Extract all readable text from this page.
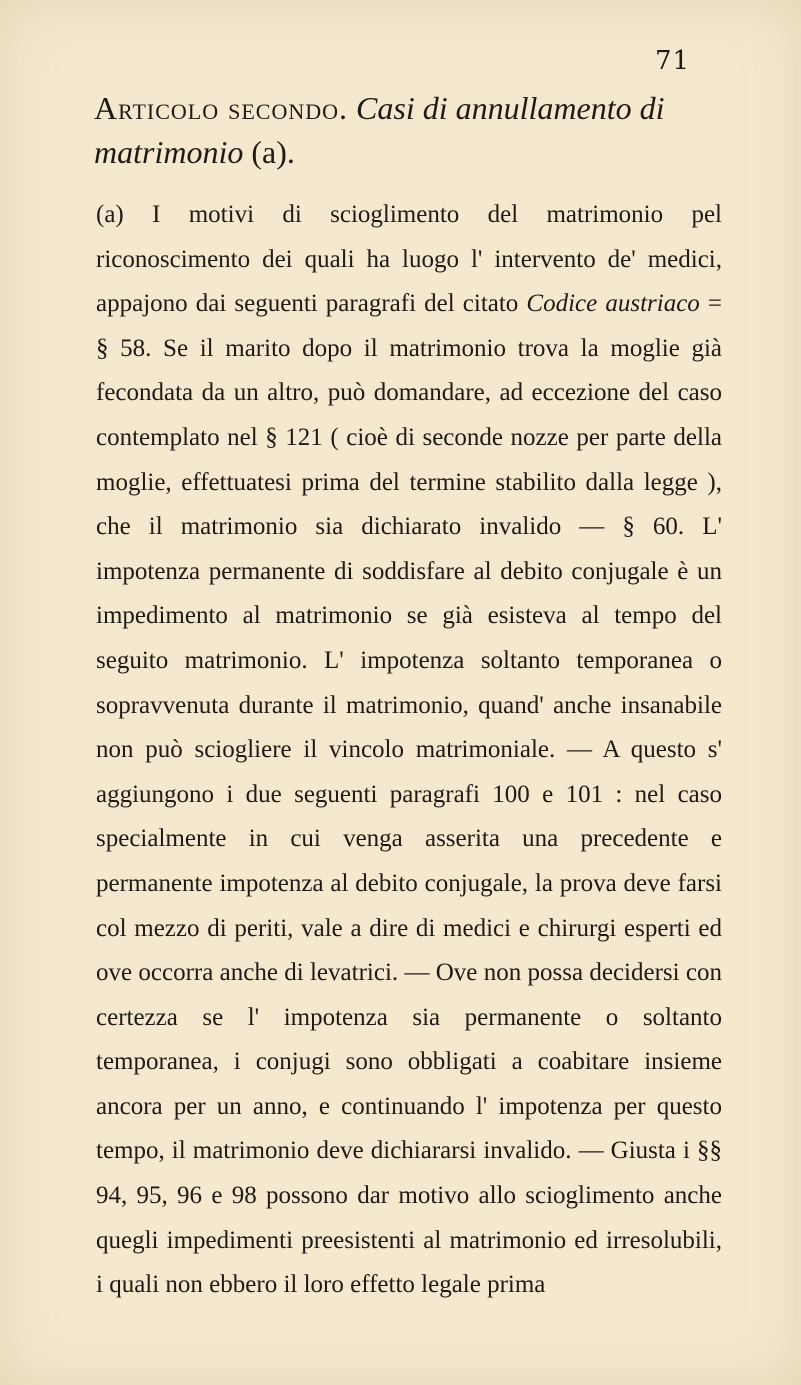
71
Articolo secondo. Casi di annullamento di matrimonio (a).

(a) I motivi di scioglimento del matrimonio pel riconoscimento dei quali ha luogo l' intervento de' medici, appajono dai seguenti paragrafi del citato Codice austriaco = § 58. Se il marito dopo il matrimonio trova la moglie già fecondata da un altro, può domandare, ad eccezione del caso contemplato nel § 121 ( cioè di seconde nozze per parte della moglie, effettuatesi prima del termine stabilito dalla legge ), che il matrimonio sia dichiarato invalido — § 60. L' impotenza permanente di soddisfare al debito conjugale è un impedimento al matrimonio se già esisteva al tempo del seguito matrimonio. L' impotenza soltanto temporanea o sopravvenuta durante il matrimonio, quand' anche insanabile non può sciogliere il vincolo matrimoniale. — A questo s' aggiungono i due seguenti paragrafi 100 e 101 : nel caso specialmente in cui venga asserita una precedente e permanente impotenza al debito conjugale, la prova deve farsi col mezzo di periti, vale a dire di medici e chirurgi esperti ed ove occorra anche di levatrici. — Ove non possa decidersi con certezza se l' impotenza sia permanente o soltanto temporanea, i conjugi sono obbligati a coabitare insieme ancora per un anno, e continuando l' impotenza per questo tempo, il matrimonio deve dichiararsi invalido. — Giusta i §§ 94, 95, 96 e 98 possono dar motivo allo scioglimento anche quegli impedimenti preesistenti al matrimonio ed irresolubili, i quali non ebbero il loro effetto legale prima
